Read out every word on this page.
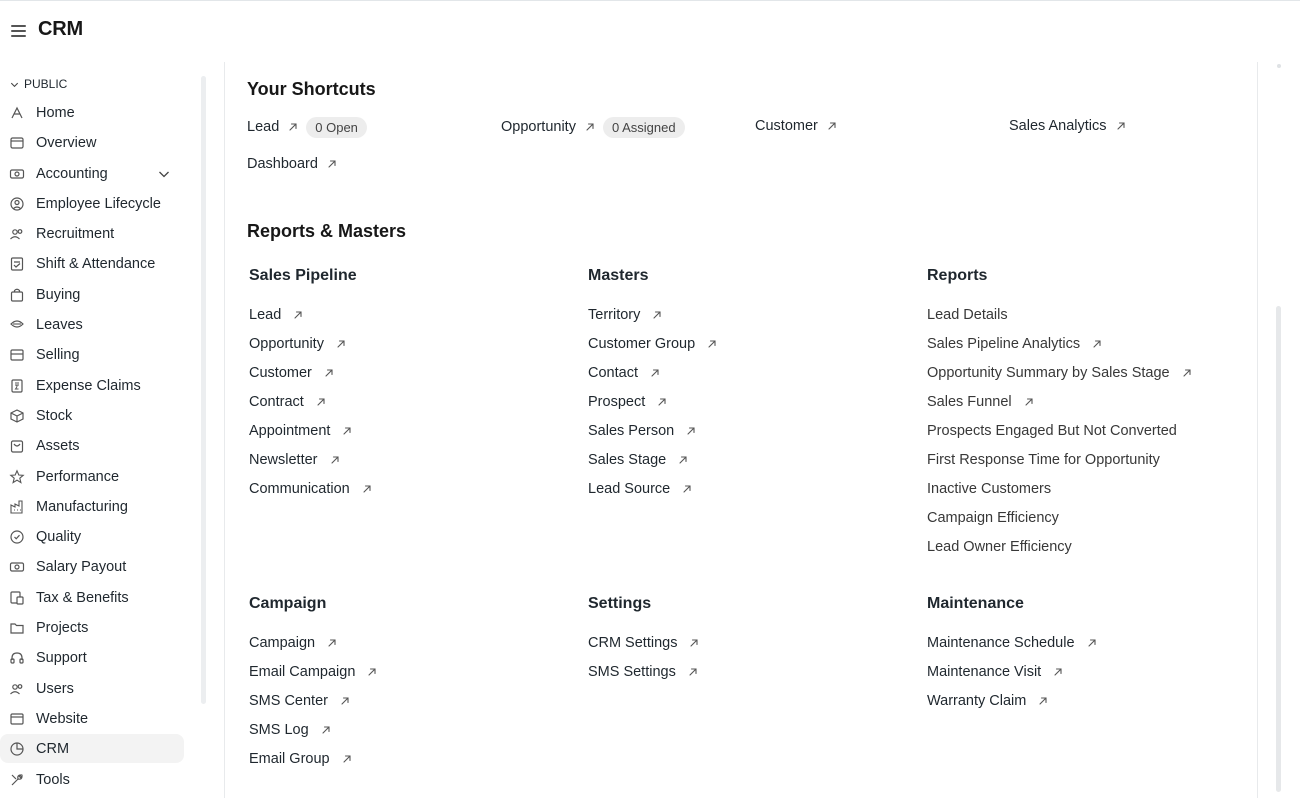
CRM
PUBLIC
Home
Overview
Accounting
Employee Lifecycle
Recruitment
Shift & Attendance
Buying
Leaves
Selling
Expense Claims
Stock
Assets
Performance
Manufacturing
Quality
Salary Payout
Tax & Benefits
Projects
Support
Users
Website
CRM
Tools
Your Shortcuts
Lead	0 Open	Opportunity	0 Assigned	Customer	Sales Analytics
Dashboard
Reports & Masters
Sales Pipeline
Lead
Opportunity
Customer
Contract
Appointment
Newsletter
Communication
Masters
Territory
Customer Group
Contact
Prospect
Sales Person
Sales Stage
Lead Source
Reports
Lead Details
Sales Pipeline Analytics
Opportunity Summary by Sales Stage
Sales Funnel
Prospects Engaged But Not Converted
First Response Time for Opportunity
Inactive Customers
Campaign Efficiency
Lead Owner Efficiency
Campaign
Campaign
Email Campaign
SMS Center
SMS Log
Email Group
Settings
CRM Settings
SMS Settings
Maintenance
Maintenance Schedule
Maintenance Visit
Warranty Claim
